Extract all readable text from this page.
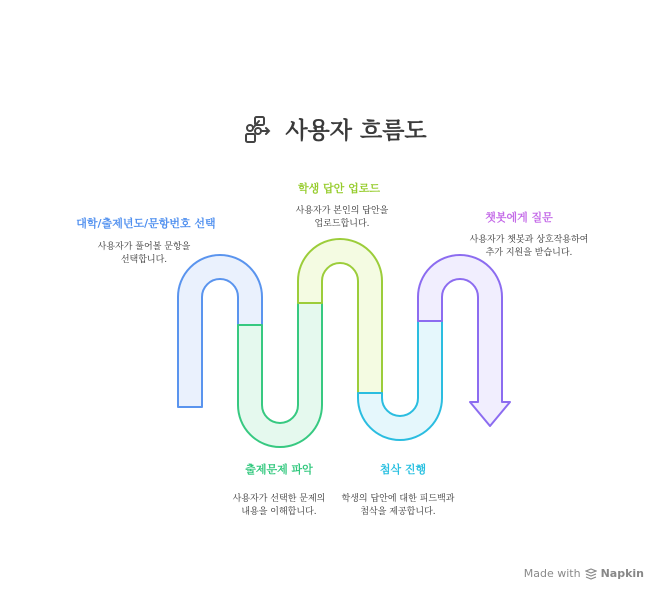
사용자 흐름도
대학/출제년도/문항번호 선택
사용자가 풀어볼 문항을
선택합니다.
출제문제 파악
사용자가 선택한 문제의
내용을 이해합니다.
학생 답안 업로드
사용자가 본인의 답안을
업로드합니다.
첨삭 진행
학생의 답안에 대한 피드백과
첨삭을 제공합니다.
챗봇에게 질문
사용자가 챗봇과 상호작용하여
추가 지원을 받습니다.
Made with Napkin
